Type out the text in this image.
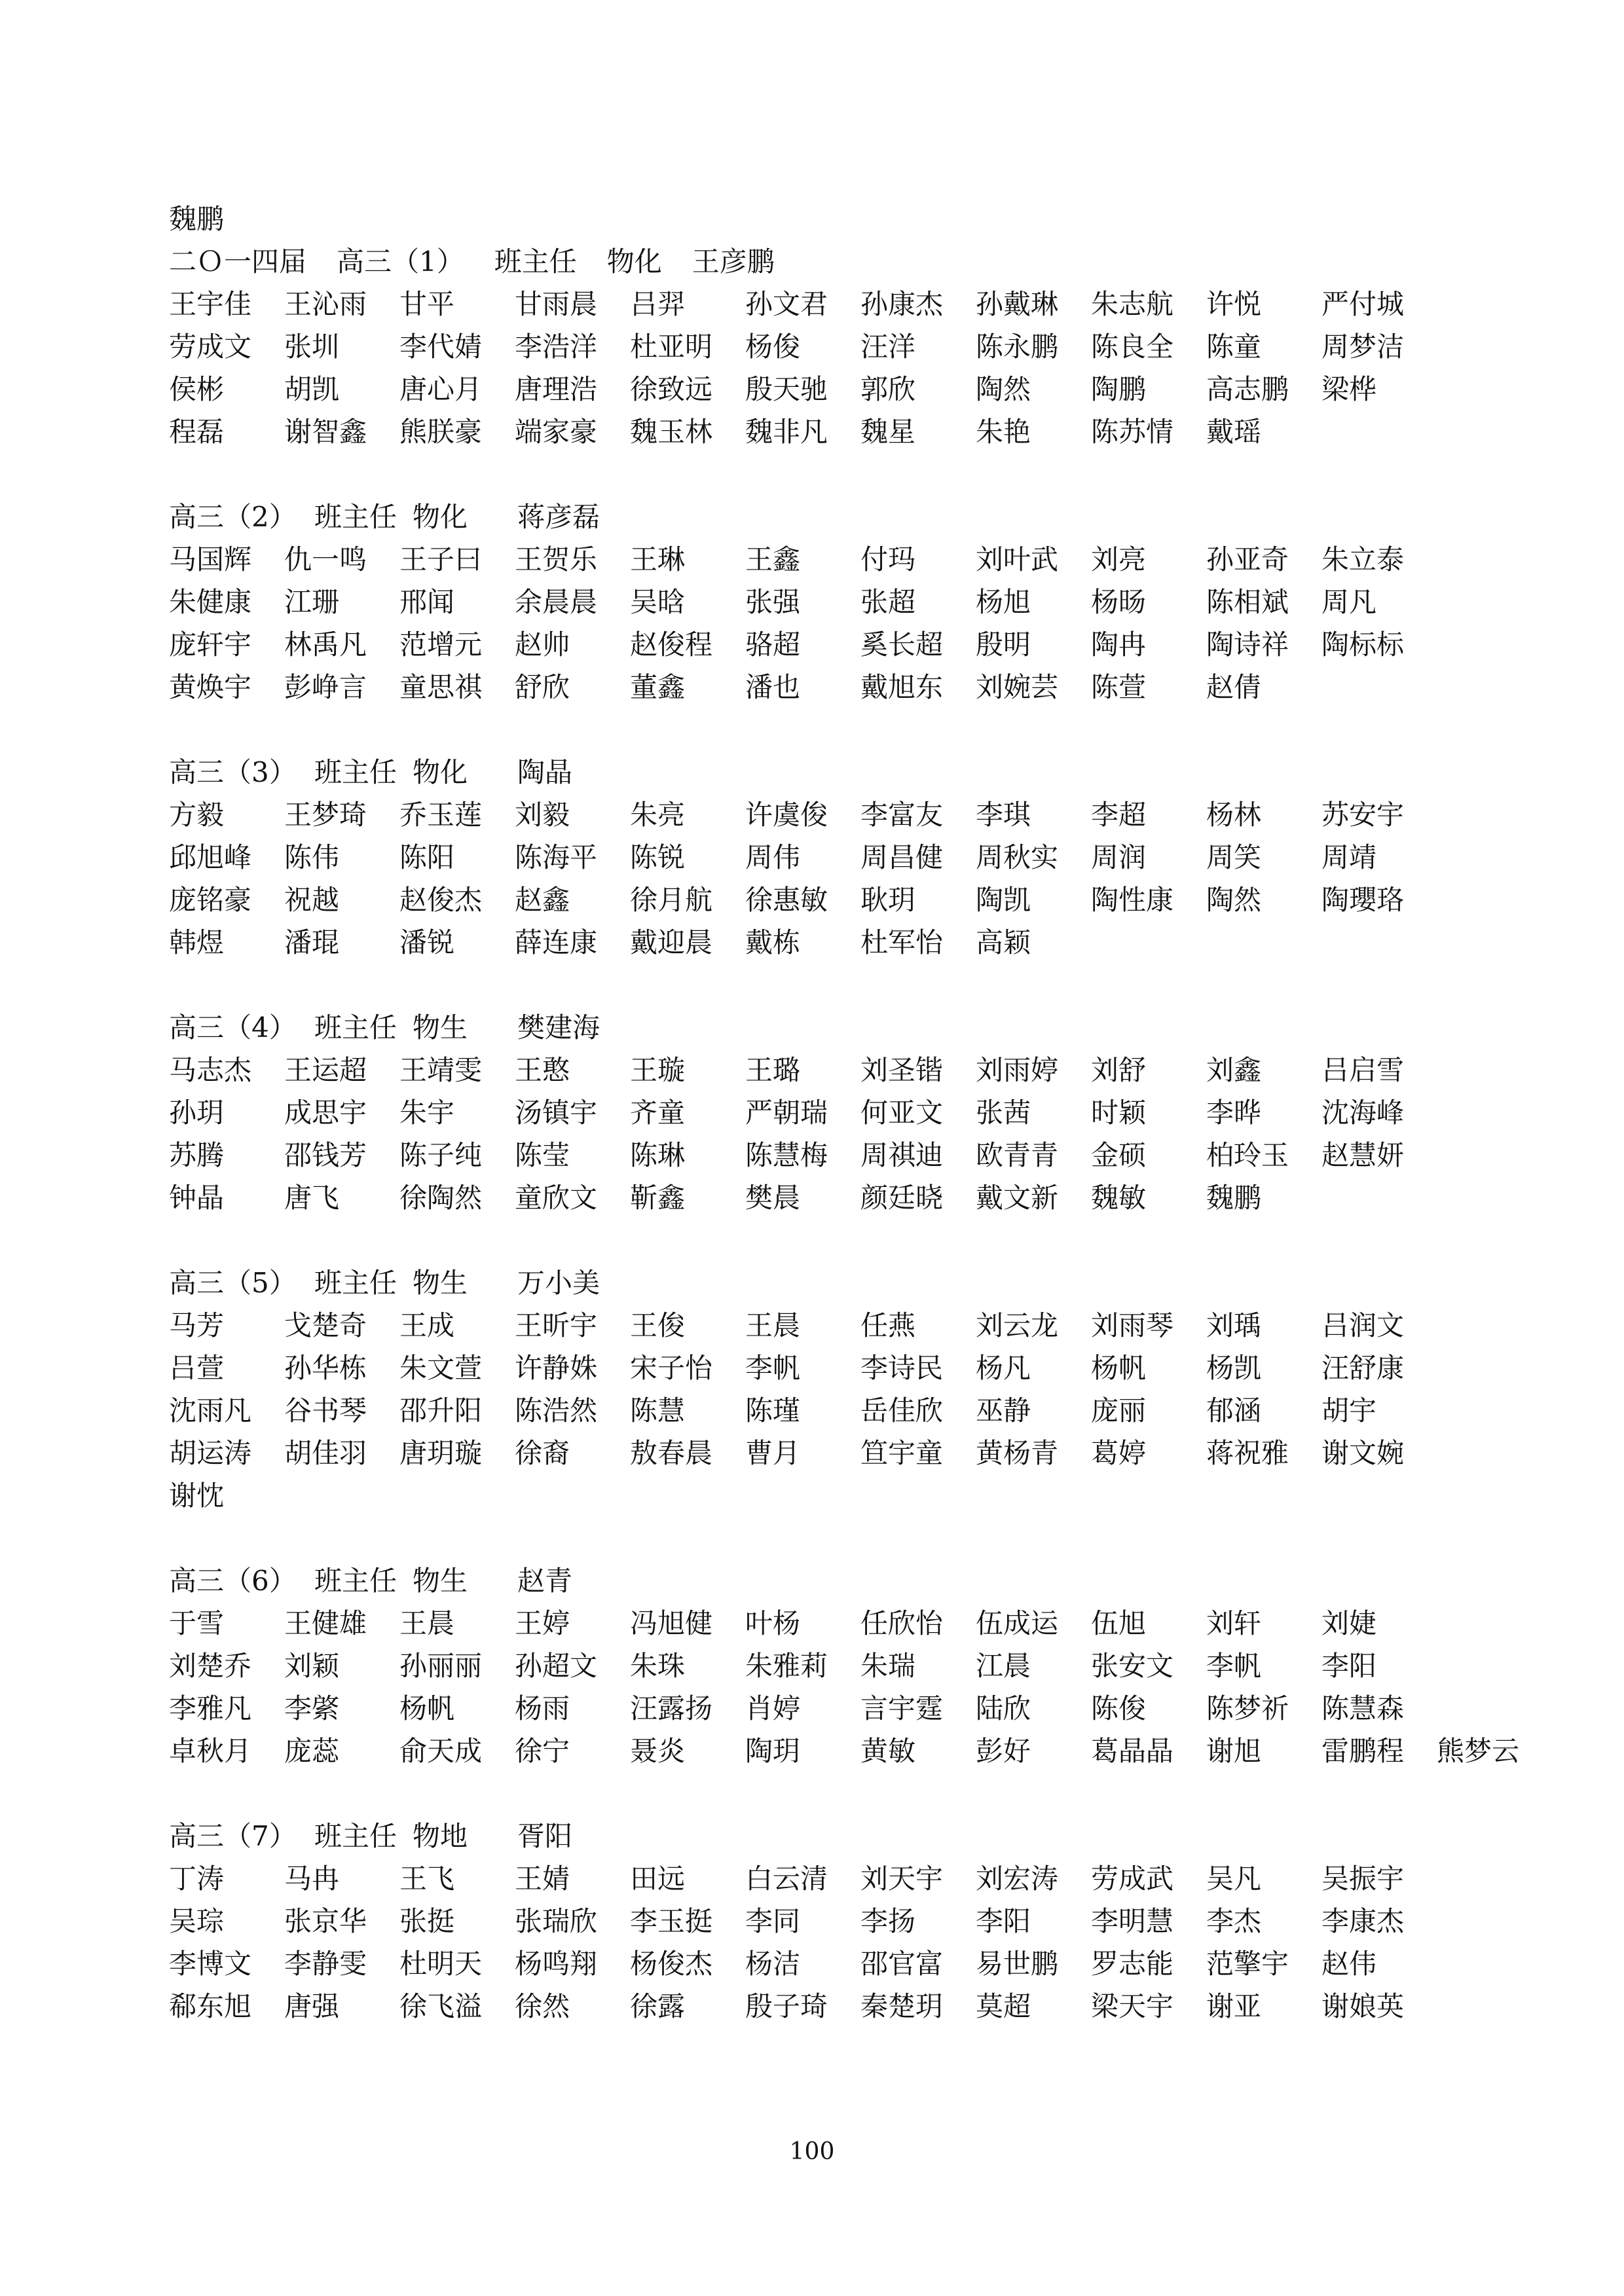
魏鹏
二Ｏ一四届 高三（1） 班主任 物化 王彦鹏
王宇佳	王沁雨	甘平	甘雨晨	吕羿	孙文君	孙康杰	孙戴琳	朱志航	许悦	严付城
劳成文	张圳	李代婧	李浩洋	杜亚明	杨俊	汪洋	陈永鹏	陈良全	陈童	周梦洁
侯彬	胡凯	唐心月	唐理浩	徐致远	殷天驰	郭欣	陶然	陶鹏	高志鹏	梁桦
程磊	谢智鑫	熊朕豪	端家豪	魏玉林	魏非凡	魏星	朱艳	陈苏情	戴瑶
高三（2） 班主任 物化	蒋彦磊
马国辉	仇一鸣	王子曰	王贺乐	王琳	王鑫	付玛	刘叶武	刘亮	孙亚奇	朱立泰
朱健康	江珊	邢闻	余晨晨	吴晗	张强	张超	杨旭	杨旸	陈相斌	周凡
庞轩宇	林禹凡	范增元	赵帅	赵俊程	骆超	奚长超	殷明	陶冉	陶诗祥	陶标标
黄焕宇	彭峥言	童思祺	舒欣	董鑫	潘也	戴旭东	刘婉芸	陈萱	赵倩
高三（3） 班主任 物化	陶晶
方毅	王梦琦	乔玉莲	刘毅	朱亮	许虞俊	李富友	李琪	李超	杨林	苏安宇
邱旭峰	陈伟	陈阳	陈海平	陈锐	周伟	周昌健	周秋实	周润	周笑	周靖
庞铭豪	祝越	赵俊杰	赵鑫	徐月航	徐惠敏	耿玥	陶凯	陶性康	陶然	陶瓔珞
韩煜	潘琨	潘锐	薛连康	戴迎晨	戴栋	杜军怡	高颖
高三（4） 班主任 物生	樊建海
马志杰	王运超	王靖雯	王憨	王璇	王璐	刘圣锴	刘雨婷	刘舒	刘鑫	吕启雪
孙玥	成思宇	朱宇	汤镇宇	齐童	严朝瑞	何亚文	张茜	时颖	李晔	沈海峰
苏腾	邵钱芳	陈子纯	陈莹	陈琳	陈慧梅	周祺迪	欧青青	金硕	柏玲玉	赵慧妍
钟晶	唐飞	徐陶然	童欣文	靳鑫	樊晨	颜廷晓	戴文新	魏敏	魏鹏
高三（5） 班主任 物生	万小美
马芳	戈楚奇	王成	王昕宇	王俊	王晨	任燕	刘云龙	刘雨琴	刘瑀	吕润文
吕萱	孙华栋	朱文萱	许静姝	宋子怡	李帆	李诗民	杨凡	杨帆	杨凯	汪舒康
沈雨凡	谷书琴	邵升阳	陈浩然	陈慧	陈瑾	岳佳欣	巫静	庞丽	郁涵	胡宇
胡运涛	胡佳羽	唐玥璇	徐裔	敖春晨	曹月	笪宇童	黄杨青	葛婷	蒋祝雅	谢文婉
谢忱
高三（6） 班主任 物生	赵青
于雪	王健雄	王晨	王婷	冯旭健	叶杨	任欣怡	伍成运	伍旭	刘轩	刘婕
刘楚乔	刘颖	孙丽丽	孙超文	朱珠	朱雅莉	朱瑞	江晨	张安文	李帆	李阳
李雅凡	李綮	杨帆	杨雨	汪露扬	肖婷	言宇霆	陆欣	陈俊	陈梦祈	陈慧森
卓秋月	庞蕊	俞天成	徐宁	聂炎	陶玥	黄敏	彭好	葛晶晶	谢旭	雷鹏程	熊梦云
高三（7） 班主任 物地	胥阳
丁涛	马冉	王飞	王婧	田远	白云清	刘天宇	刘宏涛	劳成武	吴凡	吴振宇
吴琮	张京华	张挺	张瑞欣	李玉挺	李同	李扬	李阳	李明慧	李杰	李康杰
李博文	李静雯	杜明天	杨鸣翔	杨俊杰	杨洁	邵官富	易世鹏	罗志能	范擎宇	赵伟
郗东旭	唐强	徐飞溢	徐然	徐露	殷子琦	秦楚玥	莫超	梁天宇	谢亚	谢娘英
100
